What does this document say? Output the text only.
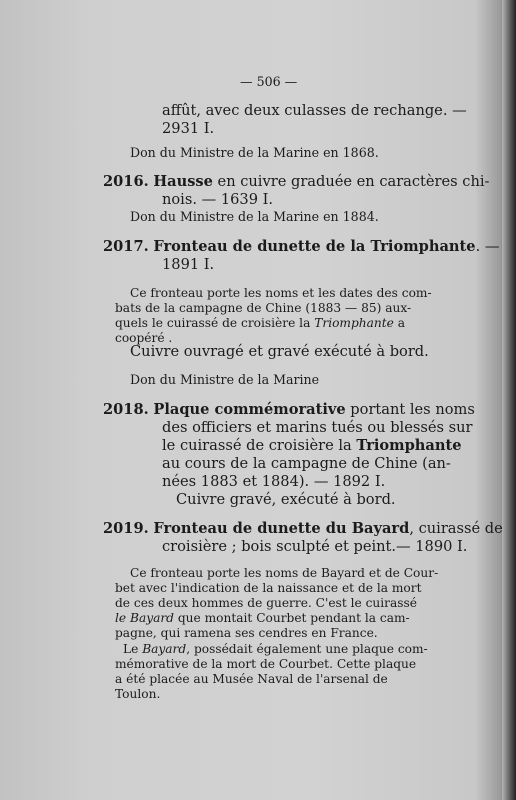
— 506 —
affût, avec deux culasses de rechange. —
2931 I.
Don du Ministre de la Marine en 1868.
2016. Hausse en cuivre graduée en caractères chi-
nois. — 1639 I.
Don du Ministre de la Marine en 1884.
2017. Fronteau de dunette de la Triomphante. —
1891 I.
Ce fronteau porte les noms et les dates des com-
bats de la campagne de Chine (1883 — 85) aux-
quels le cuirassé de croisière la Triomphante a
coopéré .
Cuivre ouvragé et gravé exécuté à bord.
Don du Ministre de la Marine
2018. Plaque commémorative portant les noms
des officiers et marins tués ou blessés sur
le cuirassé de croisière la Triomphante
au cours de la campagne de Chine (an-
nées 1883 et 1884). — 1892 I.
Cuivre gravé, exécuté à bord.
2019. Fronteau de dunette du Bayard, cuirassé de
croisière ; bois sculpté et peint.— 1890 I.
Ce fronteau porte les noms de Bayard et de Cour-
bet avec l'indication de la naissance et de la mort
de ces deux hommes de guerre. C'est le cuirassé
le Bayard que montait Courbet pendant la cam-
pagne, qui ramena ses cendres en France.
Le Bayard, possédait également une plaque com-
mémorative de la mort de Courbet. Cette plaque
a été placée au Musée Naval de l'arsenal de
Toulon.
